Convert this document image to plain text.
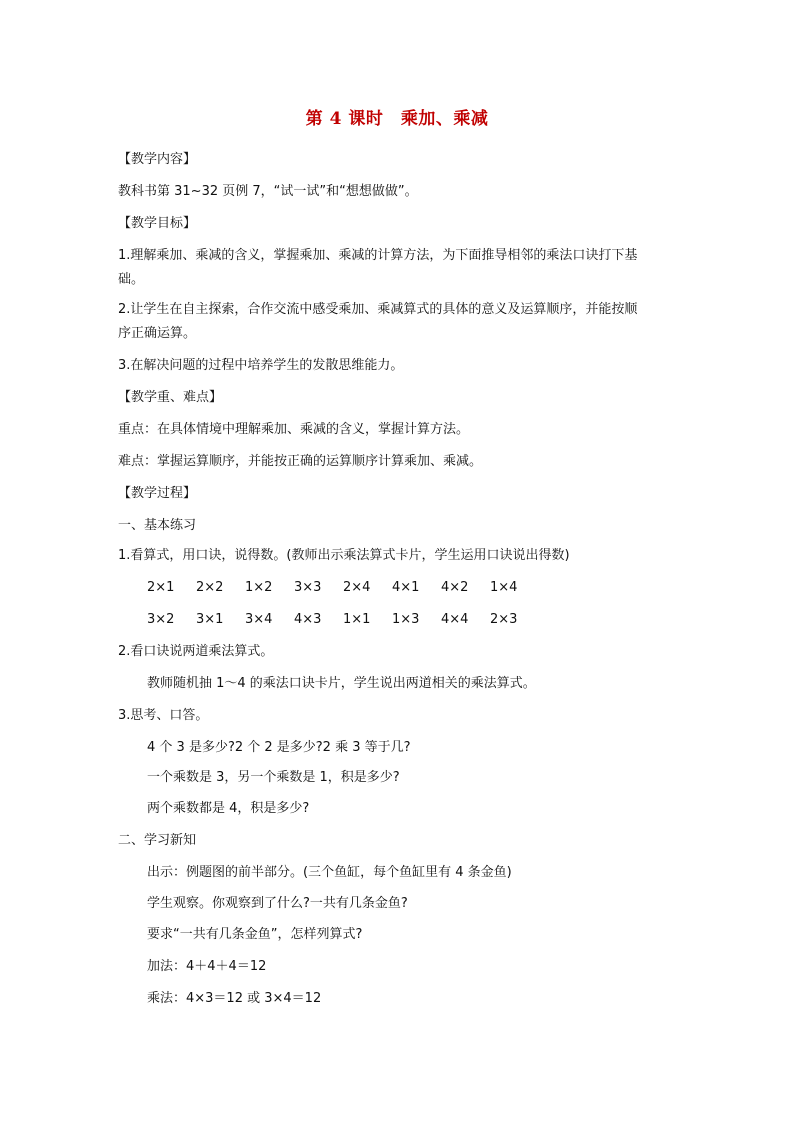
第 4 课时　乘加、乘减
【教学内容】
教科书第 31~32 页例 7，“试一试”和“想想做做”。
【教学目标】
1.理解乘加、乘减的含义，掌握乘加、乘减的计算方法，为下面推导相邻的乘法口诀打下基
础。
2.让学生在自主探索，合作交流中感受乘加、乘减算式的具体的意义及运算顺序，并能按顺
序正确运算。
3.在解决问题的过程中培养学生的发散思维能力。
【教学重、难点】
重点：在具体情境中理解乘加、乘减的含义，掌握计算方法。
难点：掌握运算顺序，并能按正确的运算顺序计算乘加、乘减。
【教学过程】
一、基本练习
1.看算式，用口诀，说得数。(教师出示乘法算式卡片，学生运用口诀说出得数)
2×1 2×2 1×2 3×3 2×4 4×1 4×2 1×4
3×2 3×1 3×4 4×3 1×1 1×3 4×4 2×3
2.看口诀说两道乘法算式。
教师随机抽 1～4 的乘法口诀卡片，学生说出两道相关的乘法算式。
3.思考、口答。
4 个 3 是多少?2 个 2 是多少?2 乘 3 等于几?
一个乘数是 3，另一个乘数是 1，积是多少?
两个乘数都是 4，积是多少?
二、学习新知
出示：例题图的前半部分。(三个鱼缸，每个鱼缸里有 4 条金鱼)
学生观察。你观察到了什么?一共有几条金鱼?
要求“一共有几条金鱼”，怎样列算式?
加法：4＋4＋4＝12
乘法：4×3＝12 或 3×4＝12
